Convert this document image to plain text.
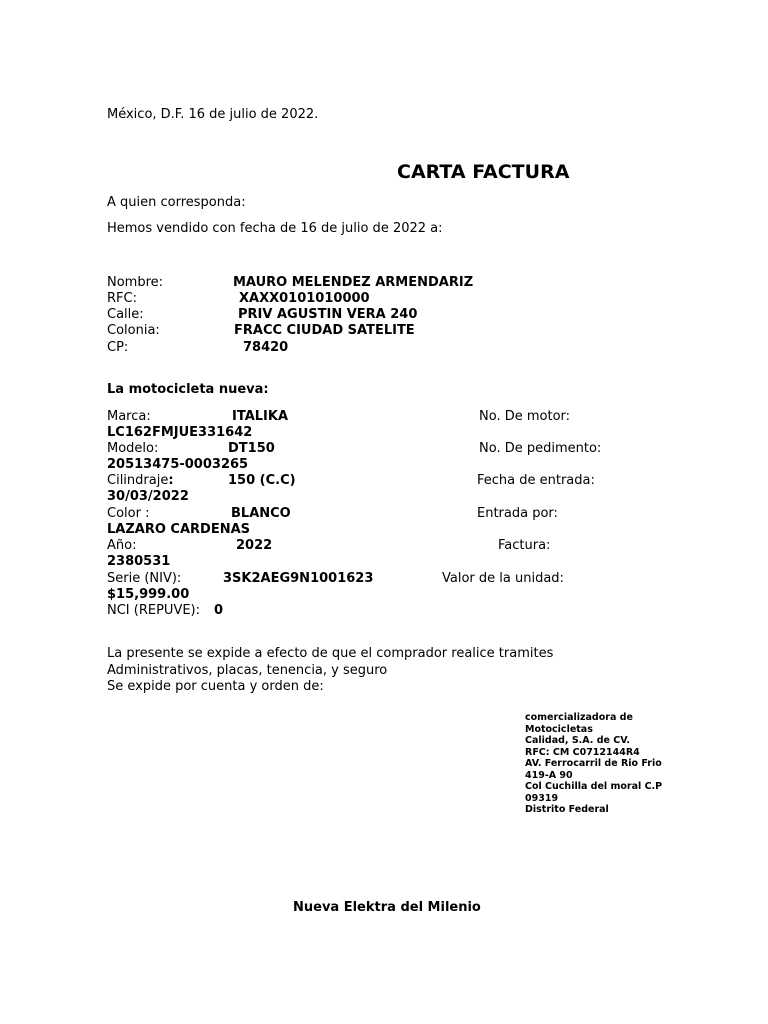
México, D.F. 16 de julio de 2022.
CARTA FACTURA
A quien corresponda:
Hemos vendido con fecha de 16 de julio de 2022 a:
Nombre:	MAURO MELENDEZ ARMENDARIZ
RFC:	XAXX0101010000
Calle:	PRIV AGUSTIN VERA 240
Colonia:	FRACC CIUDAD SATELITE
CP:	78420
La motocicleta nueva:
Marca:	ITALIKA	No. De motor:
LC162FMJUE331642
Modelo:	DT150	No. De pedimento:
20513475-0003265
Cilindraje:	150 (C.C)	Fecha de entrada:
30/03/2022
Color :	BLANCO	Entrada por:
LAZARO CARDENAS
Año:	2022	Factura:
2380531
Serie (NIV):	3SK2AEG9N1001623	Valor de la unidad:
$15,999.00
NCI (REPUVE): 0
La presente se expide a efecto de que el comprador realice tramites
Administrativos, placas, tenencia, y seguro
Se expide por cuenta y orden de:
comercializadora de
Motocicletas
Calidad, S.A. de CV.
RFC: CM C0712144R4
AV. Ferrocarril de Rio Frio
419-A 90
Col Cuchilla del moral C.P
09319
Distrito Federal
Nueva Elektra del Milenio
